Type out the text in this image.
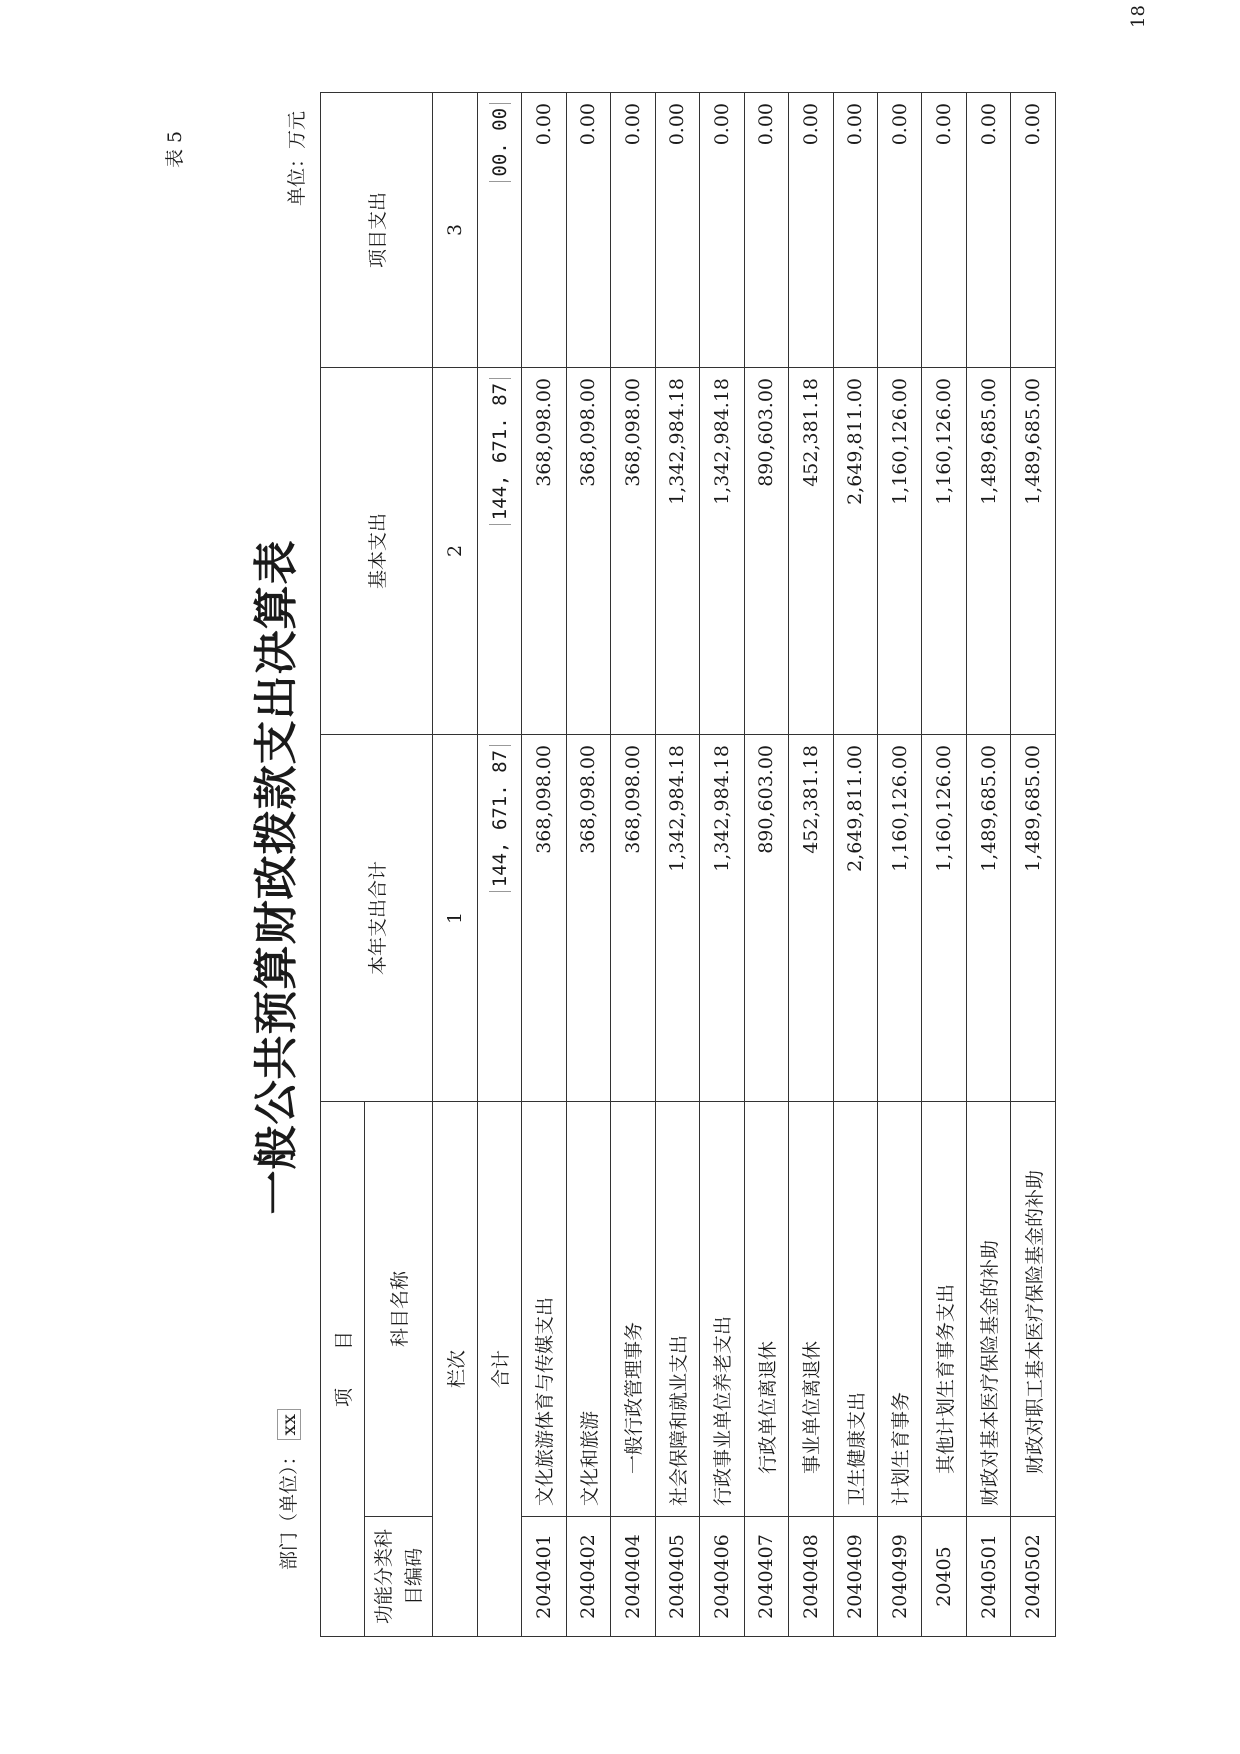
18
表 5
一般公共预算财政拨款支出决算表
部门（单位）：xx
单位：万元
项　　目		本年支出合计	基本支出	项目支出

功能分类科目编码	科目名称			
栏次		1	2	3
合计		144, 671. 87	144, 671. 87	00. 00
2040401	文化旅游体育与传媒支出	368,098.00	368,098.00	0.00
2040402	文化和旅游	368,098.00	368,098.00	0.00
2040404	一般行政管理事务	368,098.00	368,098.00	0.00
2040405	社会保障和就业支出	1,342,984.18	1,342,984.18	0.00
2040406	行政事业单位养老支出	1,342,984.18	1,342,984.18	0.00
2040407	行政单位离退休	890,603.00	890,603.00	0.00
2040408	事业单位离退休	452,381.18	452,381.18	0.00
2040409	卫生健康支出	2,649,811.00	2,649,811.00	0.00
2040499	计划生育事务	1,160,126.00	1,160,126.00	0.00
20405	其他计划生育事务支出	1,160,126.00	1,160,126.00	0.00
2040501	财政对基本医疗保险基金的补助	1,489,685.00	1,489,685.00	0.00
2040502	财政对职工基本医疗保险基金的补助	1,489,685.00	1,489,685.00	0.00
